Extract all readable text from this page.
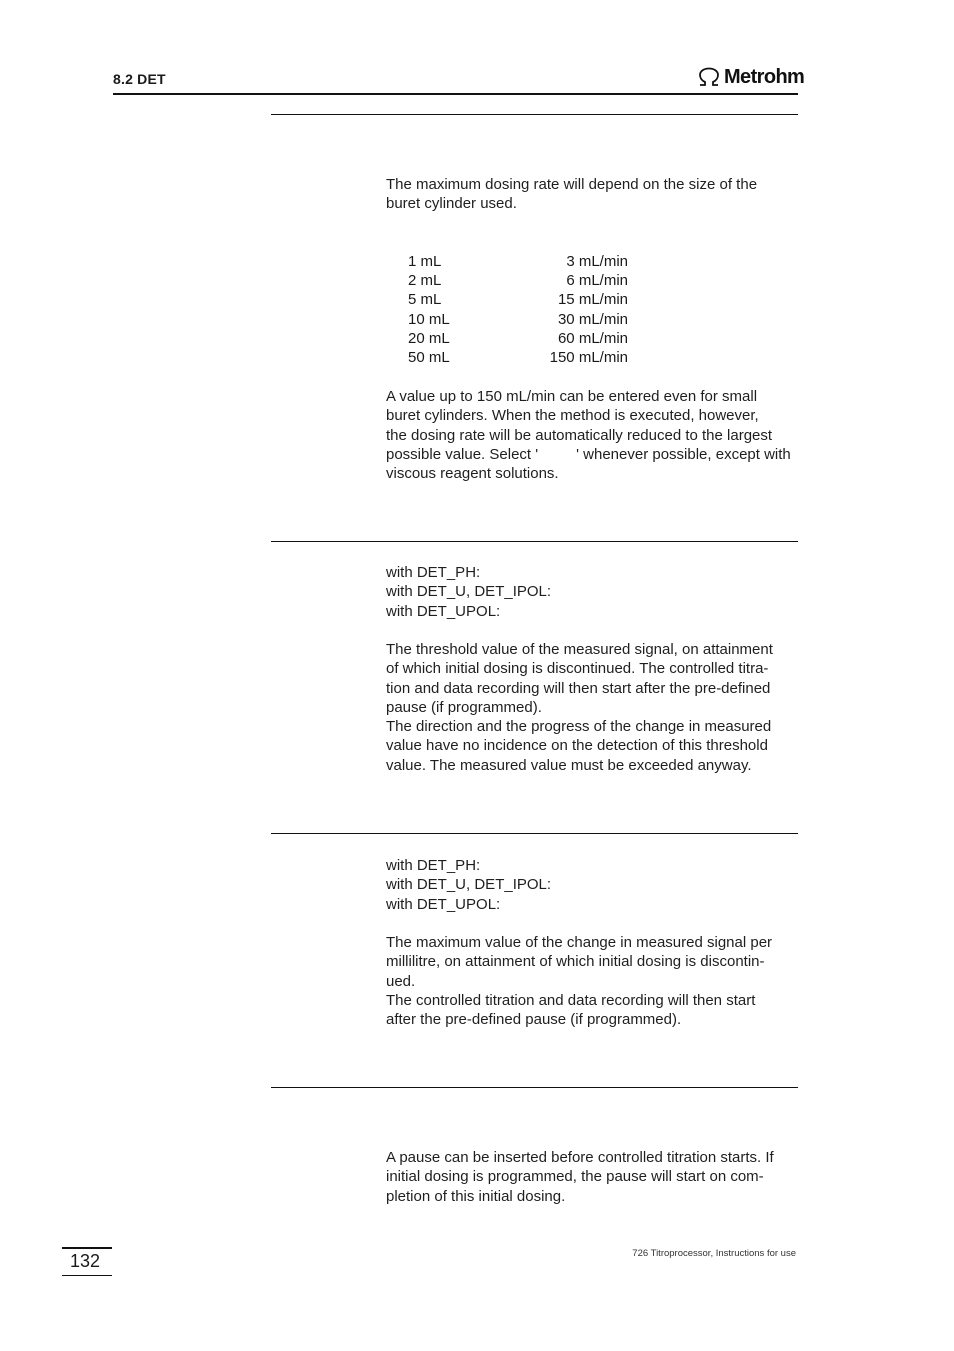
8.2 DET	Metrohm

The maximum dosing rate will depend on the size of the

buret cylinder used.

1 mL	3 mL/min
2 mL	6 mL/min
5 mL	15 mL/min
10 mL	30 mL/min
20 mL	60 mL/min
50 mL	150 mL/min

A value up to 150 mL/min can be entered even for small

buret cylinders. When the method is executed, however,

the dosing rate will be automatically reduced to the largest

possible value. Select '	' whenever possible, except with

viscous reagent solutions.

with DET_PH:

with DET_U, DET_IPOL:

with DET_UPOL:

The threshold value of the measured signal, on attainment

of which initial dosing is discontinued. The controlled titra-

tion and data recording will then start after the pre-defined

pause (if programmed).

The direction and the progress of the change in measured

value have no incidence on the detection of this threshold

value. The measured value must be exceeded anyway.

with DET_PH:

with DET_U, DET_IPOL:

with DET_UPOL:

The maximum value of the change in measured signal per

millilitre, on attainment of which initial dosing is discontin-

ued.

The controlled titration and data recording will then start

after the pre-defined pause (if programmed).

A pause can be inserted before controlled titration starts. If

initial dosing is programmed, the pause will start on com-

pletion of this initial dosing.

132	726 Titroprocessor, Instructions for use
